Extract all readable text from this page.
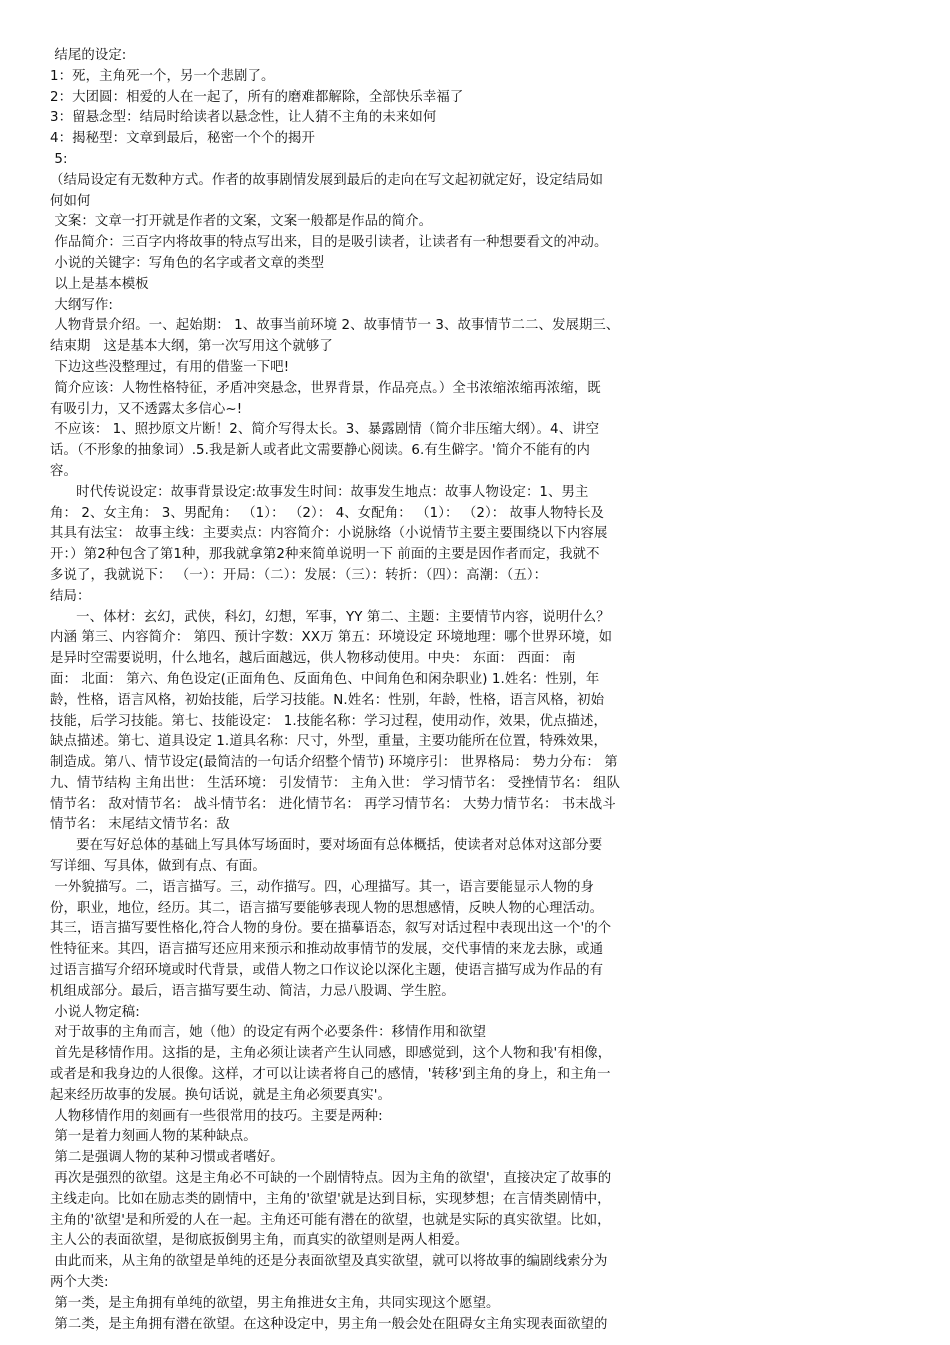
结尾的设定:
1：死，主角死一个，另一个悲剧了。
2：大团圆：相爱的人在一起了，所有的磨难都解除，全部快乐幸福了
3：留悬念型：结局时给读者以悬念性，让人猜不主角的未来如何
4：揭秘型：文章到最后，秘密一个个的揭开
5:
（结局设定有无数种方式。作者的故事剧情发展到最后的走向在写文起初就定好，设定结局如
何如何
文案：文章一打开就是作者的文案，文案一般都是作品的简介。
作品简介：三百字内将故事的特点写出来，目的是吸引读者，让读者有一种想要看文的冲动。
小说的关键字：写角色的名字或者文章的类型
以上是基本模板
大纲写作:
人物背景介绍。一、起始期： 1、故事当前环境 2、故事情节一 3、故事情节二二、发展期三、
结束期   这是基本大纲，第一次写用这个就够了
下边这些没整理过，有用的借鉴一下吧!
简介应该：人物性格特征，矛盾冲突悬念，世界背景，作品亮点。）全书浓缩浓缩再浓缩，既
有吸引力，又不透露太多信心~!
不应该： 1、照抄原文片断！2、简介写得太长。3、暴露剧情（简介非压缩大纲）。4、讲空
话。（不形象的抽象词）.5.我是新人或者此文需要静心阅读。6.有生僻字。'简介不能有的内
容。
时代传说设定：故事背景设定:故事发生时间：故事发生地点：故事人物设定：1、男主
角： 2、女主角： 3、男配角： （1）： （2）： 4、女配角： （1）： （2）： 故事人物特长及
其具有法宝： 故事主线：主要卖点：内容简介：小说脉络（小说情节主要主要围绕以下内容展
开：）第2种包含了第1种，那我就拿第2种来简单说明一下 前面的主要是因作者而定，我就不
多说了，我就说下： （一）：开局：（二）：发展：（三）：转折：（四）：高潮：（五）：
结局：
一、体材：玄幻，武侠，科幻，幻想，军事，YY 第二、主题：主要情节内容，说明什么？
内涵 第三、内容简介： 第四、预计字数：XX万 第五：环境设定 环境地理：哪个世界环境，如
是异时空需要说明，什么地名，越后面越远，供人物移动使用。中央： 东面： 西面： 南
面： 北面： 第六、角色设定(正面角色、反面角色、中间角色和闲杂职业) 1.姓名：性别，年
龄，性格，语言风格，初始技能，后学习技能。N.姓名：性别，年龄，性格，语言风格，初始
技能，后学习技能。第七、技能设定： 1.技能名称：学习过程，使用动作，效果，优点描述，
缺点描述。第七、道具设定 1.道具名称：尺寸，外型，重量，主要功能所在位置，特殊效果，
制造成。第八、情节设定(最简洁的一句话介绍整个情节) 环境序引： 世界格局： 势力分布： 第
九、情节结构 主角出世： 生活环境： 引发情节： 主角入世： 学习情节名： 受挫情节名： 组队
情节名： 敌对情节名： 战斗情节名： 进化情节名： 再学习情节名： 大势力情节名： 书末战斗
情节名： 末尾结文情节名：敌
要在写好总体的基础上写具体写场面时，要对场面有总体概括，使读者对总体对这部分要
写详细、写具体，做到有点、有面。
一外貌描写。二，语言描写。三，动作描写。四，心理描写。其一，语言要能显示人物的身
份，职业，地位，经历。其二，语言描写要能够表现人物的思想感情，反映人物的心理活动。
其三，语言描写要性格化,符合人物的身份。要在描摹语态，叙写对话过程中表现出这一个'的个
性特征来。其四，语言描写还应用来预示和推动故事情节的发展，交代事情的来龙去脉，或通
过语言描写介绍环境或时代背景，或借人物之口作议论以深化主题，使语言描写成为作品的有
机组成部分。最后，语言描写要生动、简洁，力忌八股调、学生腔。
小说人物定稿:
对于故事的主角而言，她（他）的设定有两个必要条件：移情作用和欲望
首先是移情作用。这指的是，主角必须让读者产生认同感，即感觉到，这个人物和我'有相像，
或者是和我身边的人很像。这样，才可以让读者将自己的感情，'转移'到主角的身上，和主角一
起来经历故事的发展。换句话说，就是主角必须要真实'。
人物移情作用的刻画有一些很常用的技巧。主要是两种:
第一是着力刻画人物的某种缺点。
第二是强调人物的某种习惯或者嗜好。
再次是强烈的欲望。这是主角必不可缺的一个剧情特点。因为主角的欲望'，直接决定了故事的
主线走向。比如在励志类的剧情中，主角的'欲望'就是达到目标，实现梦想；在言情类剧情中，
主角的'欲望'是和所爱的人在一起。主角还可能有潜在的欲望，也就是实际的真实欲望。比如，
主人公的表面欲望，是彻底扳倒男主角，而真实的欲望则是两人相爱。
由此而来，从主角的欲望是单纯的还是分表面欲望及真实欲望，就可以将故事的编剧线索分为
两个大类:
第一类，是主角拥有单纯的欲望，男主角推进女主角，共同实现这个愿望。
第二类，是主角拥有潜在欲望。在这种设定中，男主角一般会处在阻碍女主角实现表面欲望的
